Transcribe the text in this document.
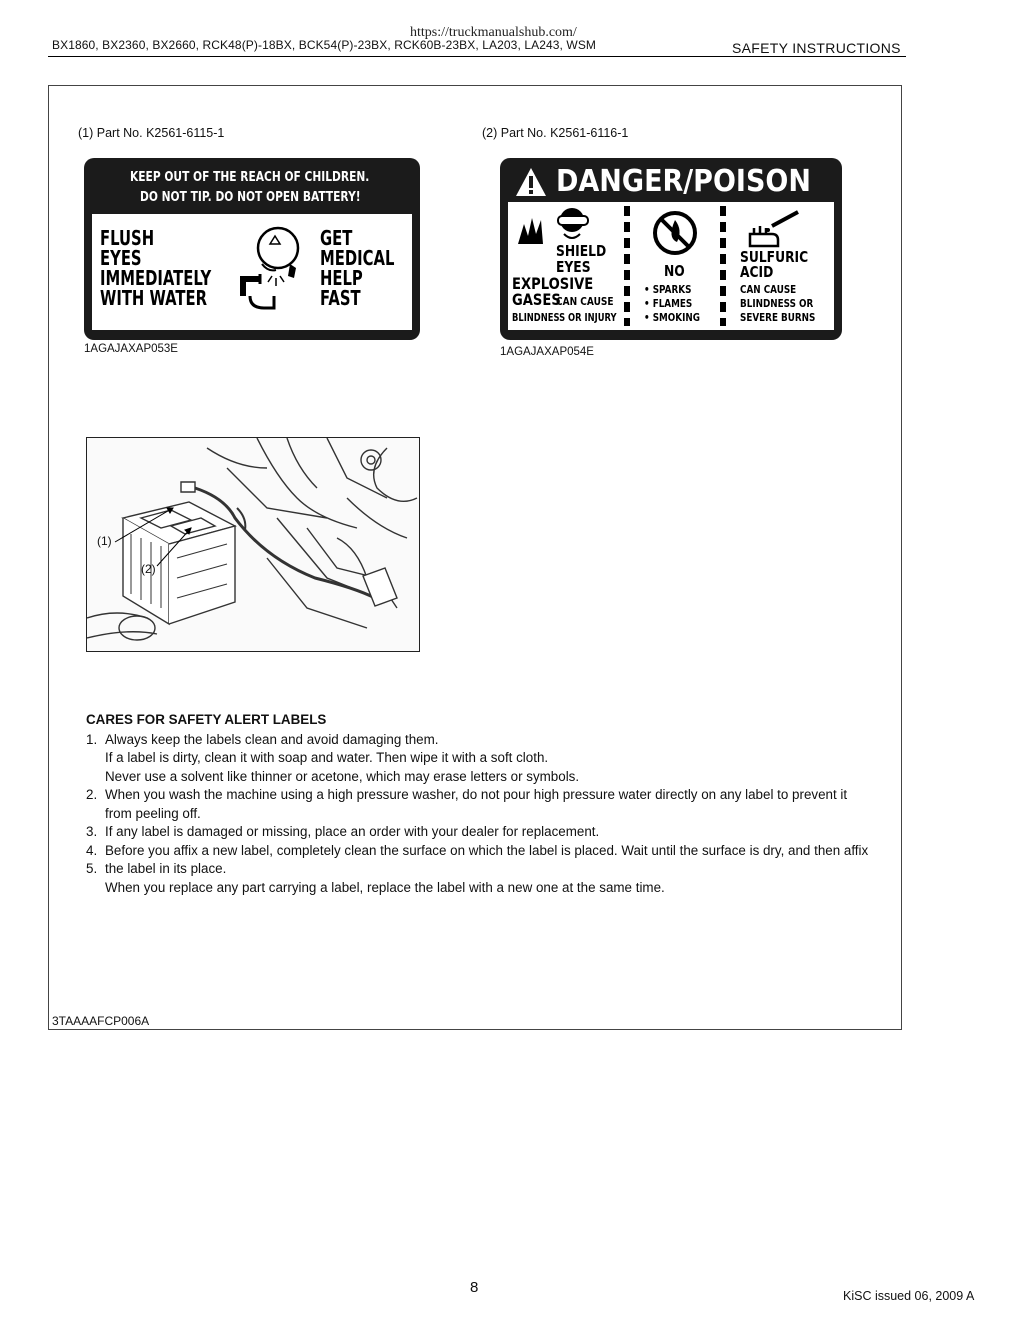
https://truckmanualshub.com/
BX1860, BX2360, BX2660, RCK48(P)-18BX, BCK54(P)-23BX, RCK60B-23BX, LA203, LA243, WSM	SAFETY INSTRUCTIONS
(1) Part No. K2561-6115-1
KEEP OUT OF THE REACH OF CHILDREN.
DO NOT TIP. DO NOT OPEN BATTERY!
FLUSH
EYES
IMMEDIATELY
WITH WATER
GET
MEDICAL
HELP
FAST
1AGAJAXAP053E
(2) Part No. K2561-6116-1
DANGER/POISON
SHIELD
EYES
EXPLOSIVE
GASES
CAN CAUSE
BLINDNESS OR INJURY
NO
• SPARKS
• FLAMES
• SMOKING
SULFURIC
ACID
CAN CAUSE
BLINDNESS OR
SEVERE BURNS
1AGAJAXAP054E
(1)
(2)
CARES FOR SAFETY ALERT LABELS
1. Always keep the labels clean and avoid damaging them.
If a label is dirty, clean it with soap and water. Then wipe it with a soft cloth.
Never use a solvent like thinner or acetone, which may erase letters or symbols.
2. When you wash the machine using a high pressure washer, do not pour high pressure water directly on any label to prevent it
from peeling off.
3. If any label is damaged or missing, place an order with your dealer for replacement.
4. Before you affix a new label, completely clean the surface on which the label is placed. Wait until the surface is dry, and then affix
5. the label in its place.
When you replace any part carrying a label, replace the label with a new one at the same time.
3TAAAAFCP006A
8	KiSC issued 06, 2009 A
